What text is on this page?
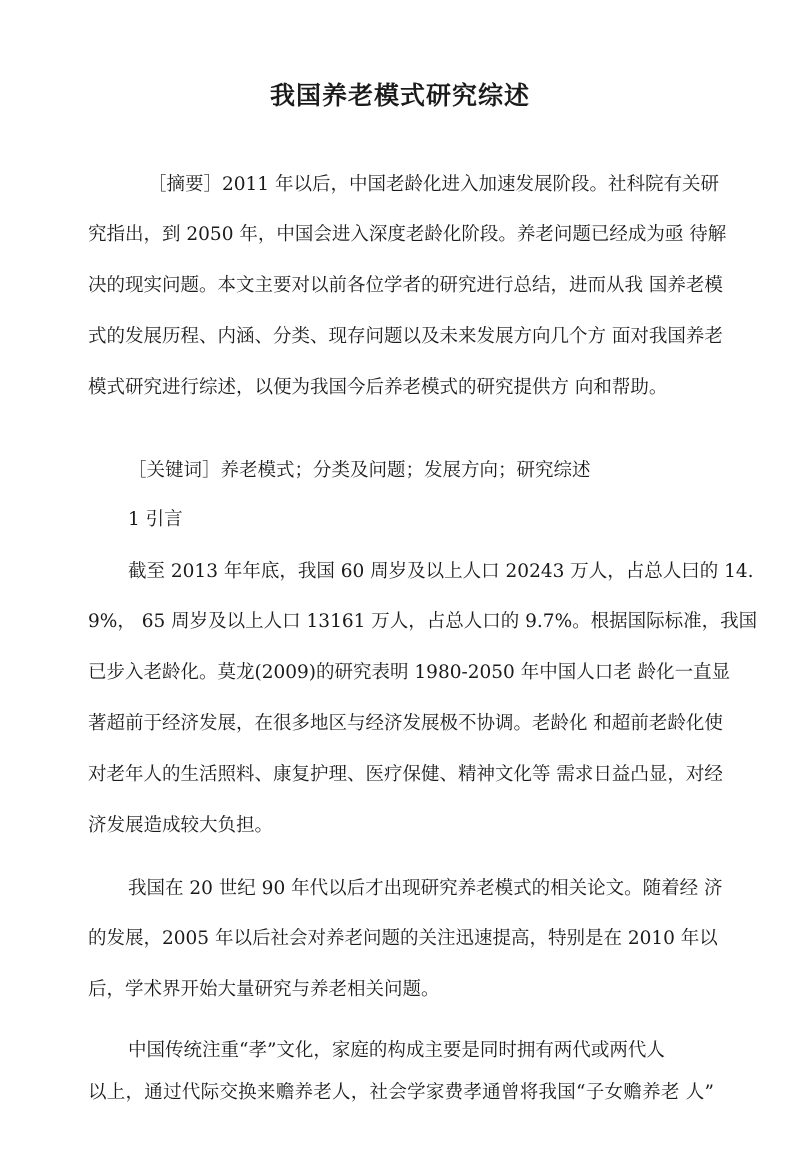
我国养老模式研究综述
［摘要］2011 年以后，中国老龄化进入加速发展阶段。社科院有关研
究指出，到 2050 年，中国会进入深度老龄化阶段。养老问题已经成为亟 待解
决的现实问题。本文主要对以前各位学者的研究进行总结，进而从我 国养老模
式的发展历程、内涵、分类、现存问题以及未来发展方向几个方 面对我国养老
模式研究进行综述，以便为我国今后养老模式的研究提供方 向和帮助。
［关键词］养老模式；分类及问题；发展方向；研究综述
1 引言
截至 2013 年年底，我国 60 周岁及以上人口 20243 万人，占总人曰的 14.
9%， 65 周岁及以上人口 13161 万人，占总人口的 9.7%。根据国际标准，我国
已步入老龄化。莫龙(2009)的研究表明 1980-2050 年中国人口老 龄化一直显
著超前于经济发展，在很多地区与经济发展极不协调。老龄化 和超前老龄化使
对老年人的生活照料、康复护理、医疗保健、精神文化等 需求日益凸显，对经
济发展造成较大负担。
我国在 20 世纪 90 年代以后才出现研究养老模式的相关论文。随着经 济
的发展，2005 年以后社会对养老问题的关注迅速提高，特别是在 2010 年以
后，学术界开始大量研究与养老相关问题。
中国传统注重“孝”文化，家庭的构成主要是同时拥有两代或两代人
以上，通过代际交换来赡养老人，社会学家费孝通曾将我国“子女赡养老 人”
